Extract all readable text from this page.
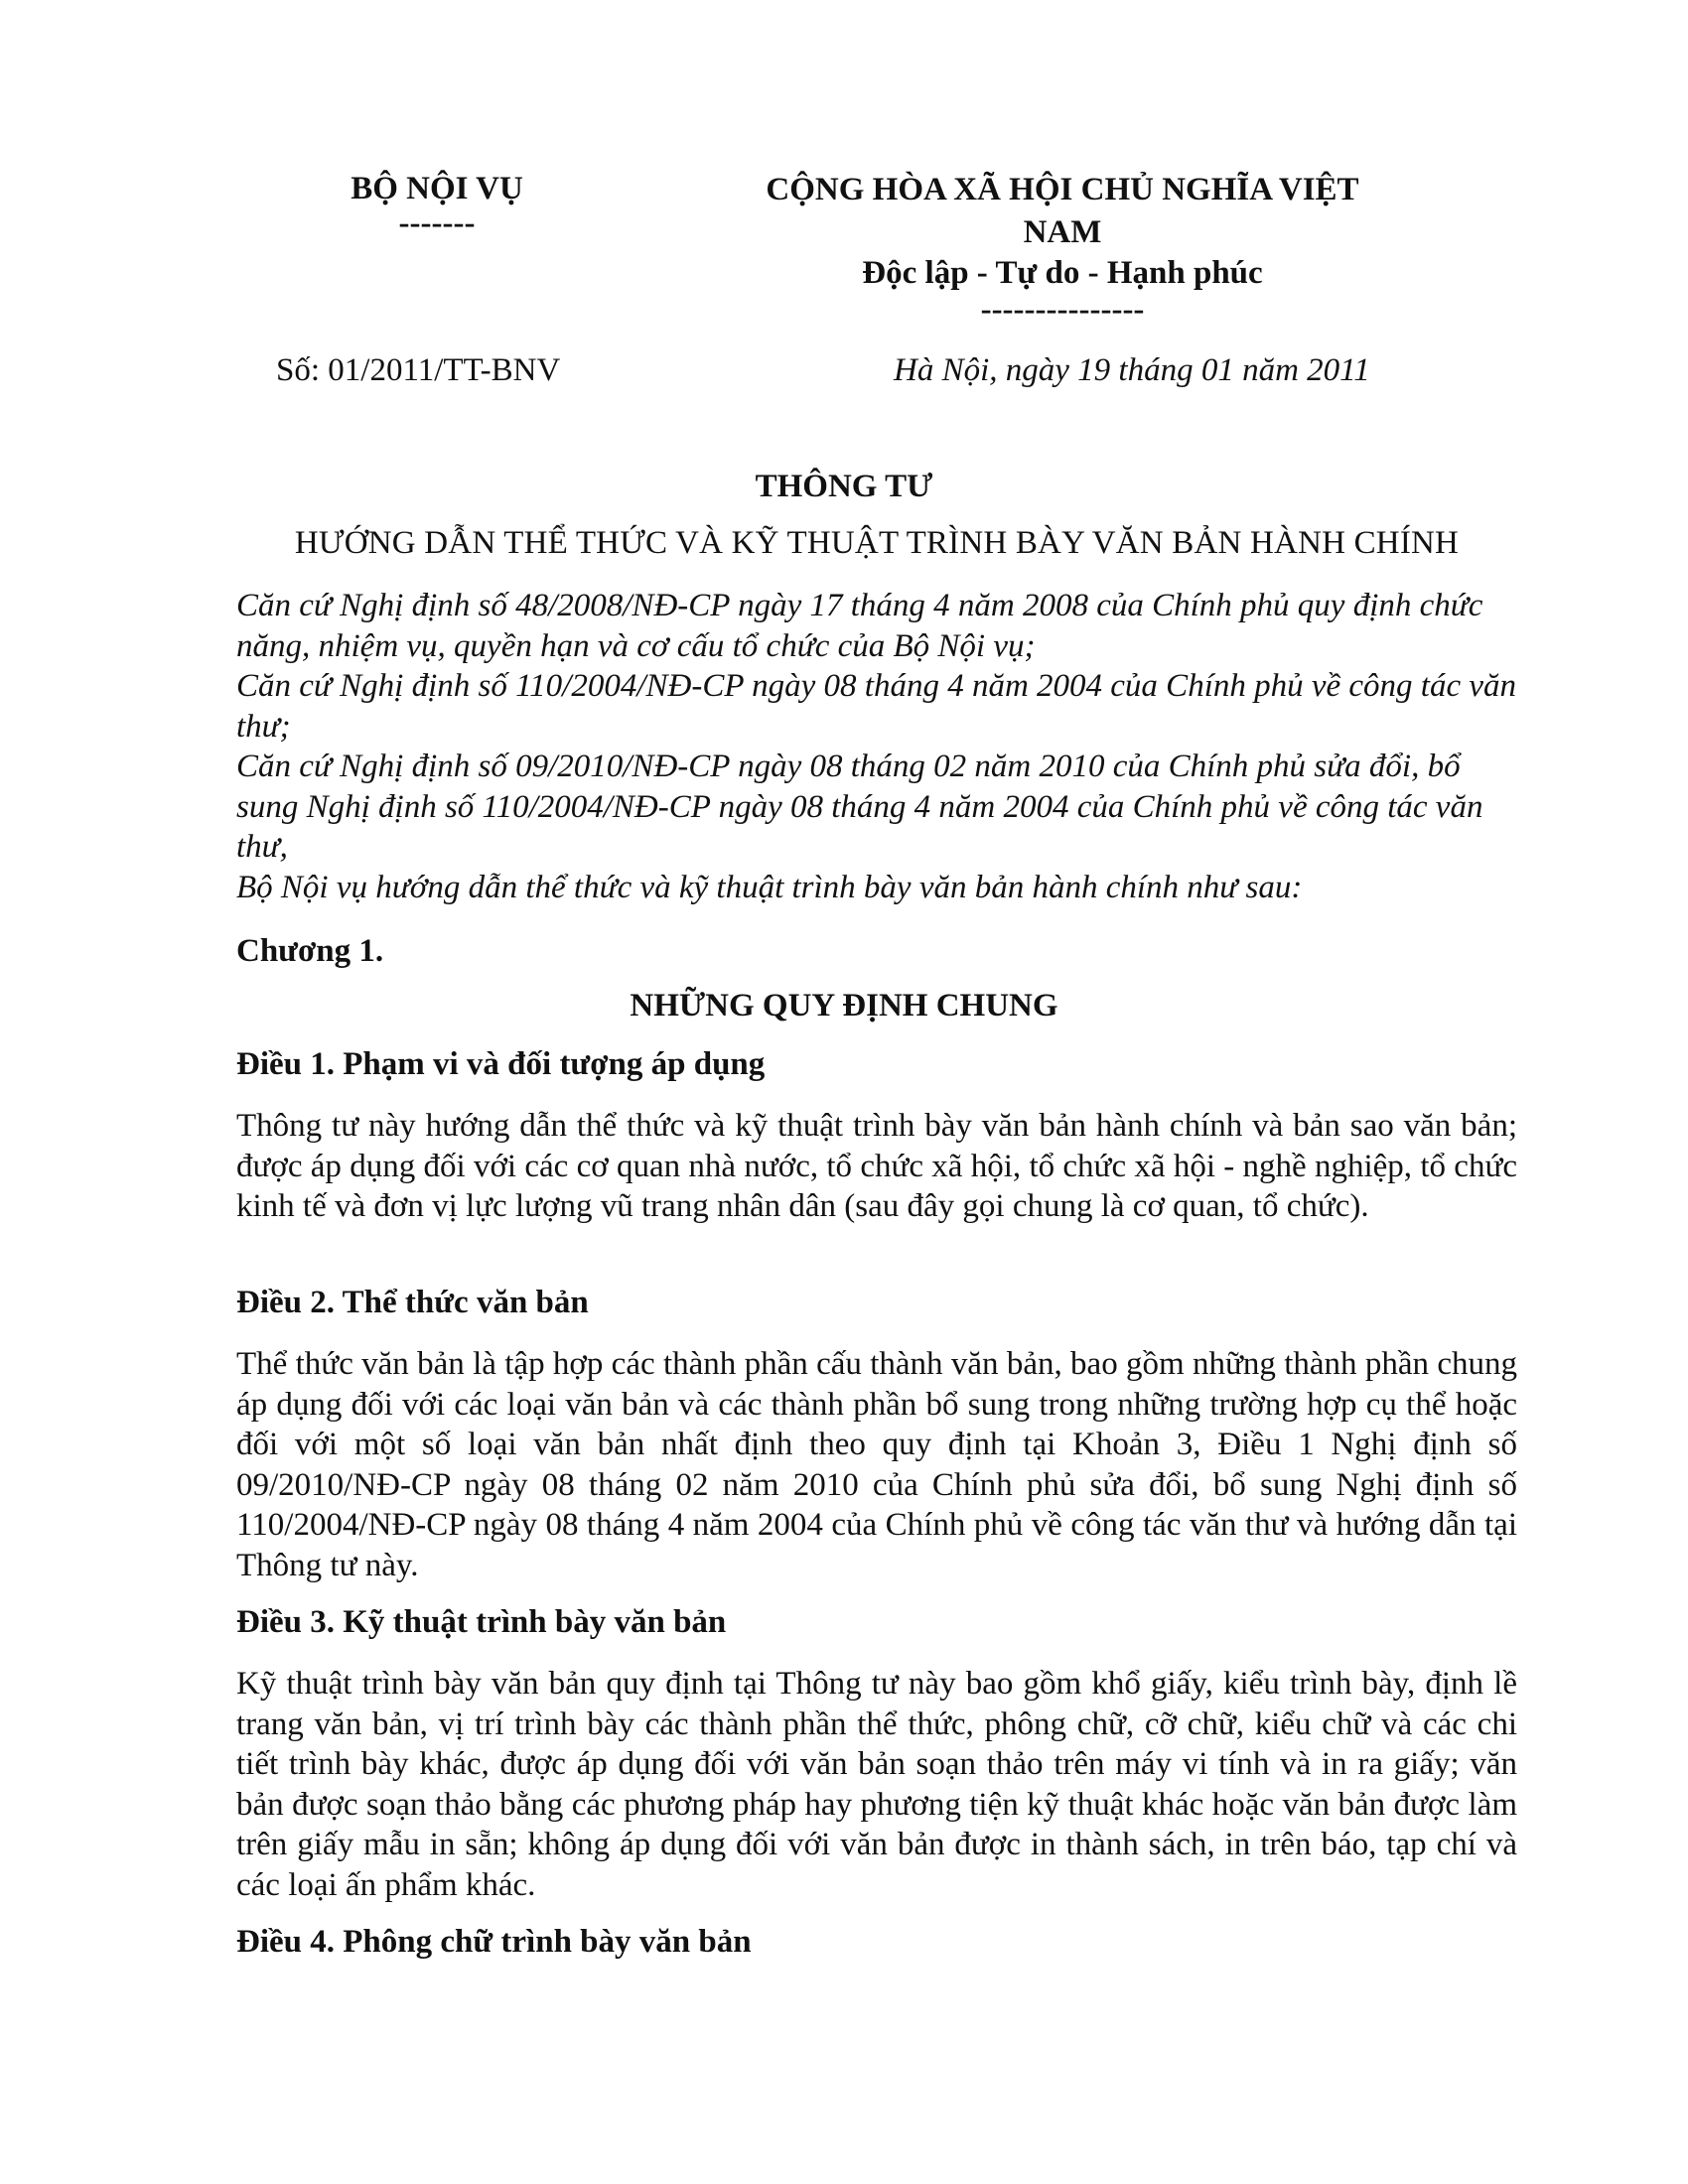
BỘ NỘI VỤ
-------
CỘNG HÒA XÃ HỘI CHỦ NGHĨA VIỆT
NAM
Độc lập - Tự do - Hạnh phúc
---------------
Số: 01/2011/TT-BNV	Hà Nội, ngày 19 tháng 01 năm 2011
THÔNG TƯ
HƯỚNG DẪN THỂ THỨC VÀ KỸ THUẬT TRÌNH BÀY VĂN BẢN HÀNH CHÍNH

Căn cứ Nghị định số 48/2008/NĐ-CP ngày 17 tháng 4 năm 2008 của Chính phủ quy định chức năng, nhiệm vụ, quyền hạn và cơ cấu tổ chức của Bộ Nội vụ;

Căn cứ Nghị định số 110/2004/NĐ-CP ngày 08 tháng 4 năm 2004 của Chính phủ về công tác văn thư;

Căn cứ Nghị định số 09/2010/NĐ-CP ngày 08 tháng 02 năm 2010 của Chính phủ sửa đổi, bổ sung Nghị định số 110/2004/NĐ-CP ngày 08 tháng 4 năm 2004 của Chính phủ về công tác văn thư,

Bộ Nội vụ hướng dẫn thể thức và kỹ thuật trình bày văn bản hành chính như sau:

Chương 1.
NHỮNG QUY ĐỊNH CHUNG
Điều 1. Phạm vi và đối tượng áp dụng

Thông tư này hướng dẫn thể thức và kỹ thuật trình bày văn bản hành chính và bản sao văn bản; được áp dụng đối với các cơ quan nhà nước, tổ chức xã hội, tổ chức xã hội - nghề nghiệp, tổ chức kinh tế và đơn vị lực lượng vũ trang nhân dân (sau đây gọi chung là cơ quan, tổ chức).

Điều 2. Thể thức văn bản

Thể thức văn bản là tập hợp các thành phần cấu thành văn bản, bao gồm những thành phần chung áp dụng đối với các loại văn bản và các thành phần bổ sung trong những trường hợp cụ thể hoặc đối với một số loại văn bản nhất định theo quy định tại Khoản 3, Điều 1 Nghị định số 09/2010/NĐ-CP ngày 08 tháng 02 năm 2010 của Chính phủ sửa đổi, bổ sung Nghị định số 110/2004/NĐ-CP ngày 08 tháng 4 năm 2004 của Chính phủ về công tác văn thư và hướng dẫn tại Thông tư này.

Điều 3. Kỹ thuật trình bày văn bản

Kỹ thuật trình bày văn bản quy định tại Thông tư này bao gồm khổ giấy, kiểu trình bày, định lề trang văn bản, vị trí trình bày các thành phần thể thức, phông chữ, cỡ chữ, kiểu chữ và các chi tiết trình bày khác, được áp dụng đối với văn bản soạn thảo trên máy vi tính và in ra giấy; văn bản được soạn thảo bằng các phương pháp hay phương tiện kỹ thuật khác hoặc văn bản được làm trên giấy mẫu in sẵn; không áp dụng đối với văn bản được in thành sách, in trên báo, tạp chí và các loại ấn phẩm khác.

Điều 4. Phông chữ trình bày văn bản
